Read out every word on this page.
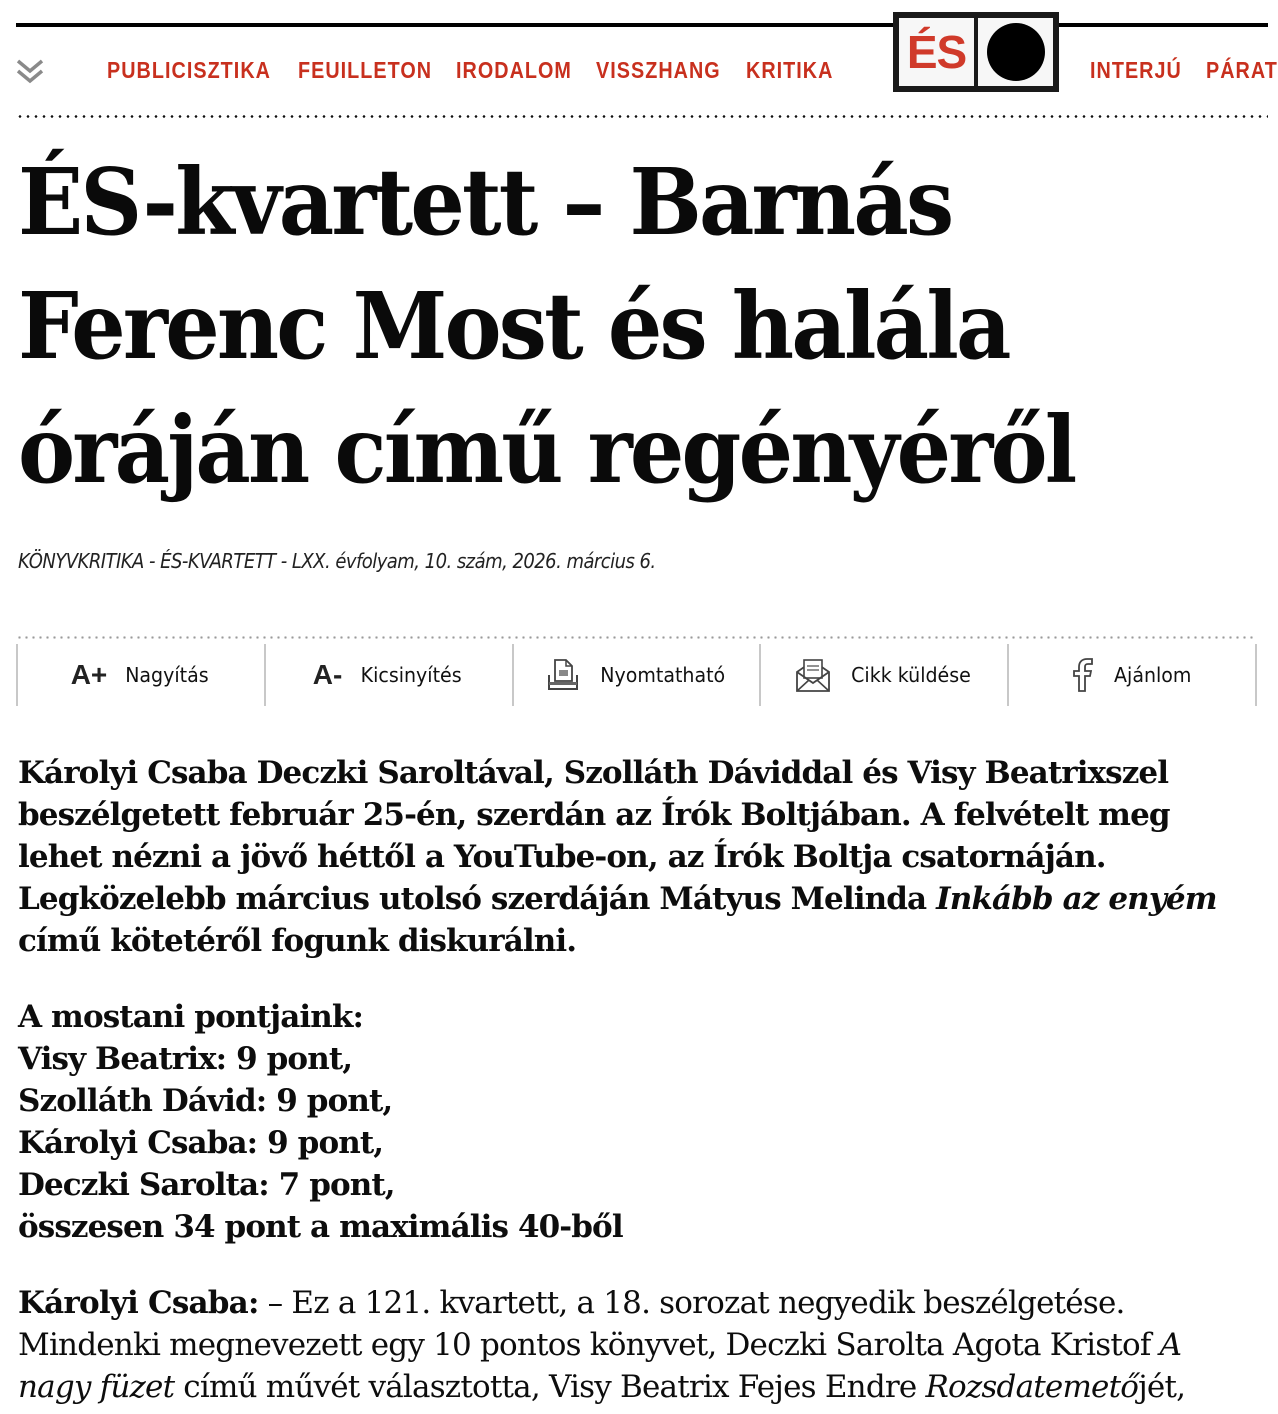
PUBLICISZTIKA FEUILLETON IRODALOM VISSZHANG KRITIKA	INTERJÚ PÁRAT
ÉS
ÉS-kvartett – Barnás
Ferenc Most és halála
óráján című regényéről
KÖNYVKRITIKA - ÉS-KVARTETT - LXX. évfolyam, 10. szám, 2026. március 6.
A+ Nagyítás	A- Kicsinyítés	Nyomtatható	Cikk küldése	Ajánlom
Károlyi Csaba Deczki Saroltával, Szolláth Dáviddal és Visy Beatrixszel
beszélgetett február 25-én, szerdán az Írók Boltjában. A felvételt meg
lehet nézni a jövő héttől a YouTube-on, az Írók Boltja csatornáján.
Legközelebb március utolsó szerdáján Mátyus Melinda Inkább az enyém
című kötetéről fogunk diskurálni.
A mostani pontjaink:
Visy Beatrix: 9 pont,
Szolláth Dávid: 9 pont,
Károlyi Csaba: 9 pont,
Deczki Sarolta: 7 pont,
összesen 34 pont a maximális 40-ből
Károlyi Csaba: – Ez a 121. kvartett, a 18. sorozat negyedik beszélgetése.
Mindenki megnevezett egy 10 pontos könyvet, Deczki Sarolta Agota Kristof A
nagy füzet című művét választotta, Visy Beatrix Fejes Endre Rozsdatemetőjét,
